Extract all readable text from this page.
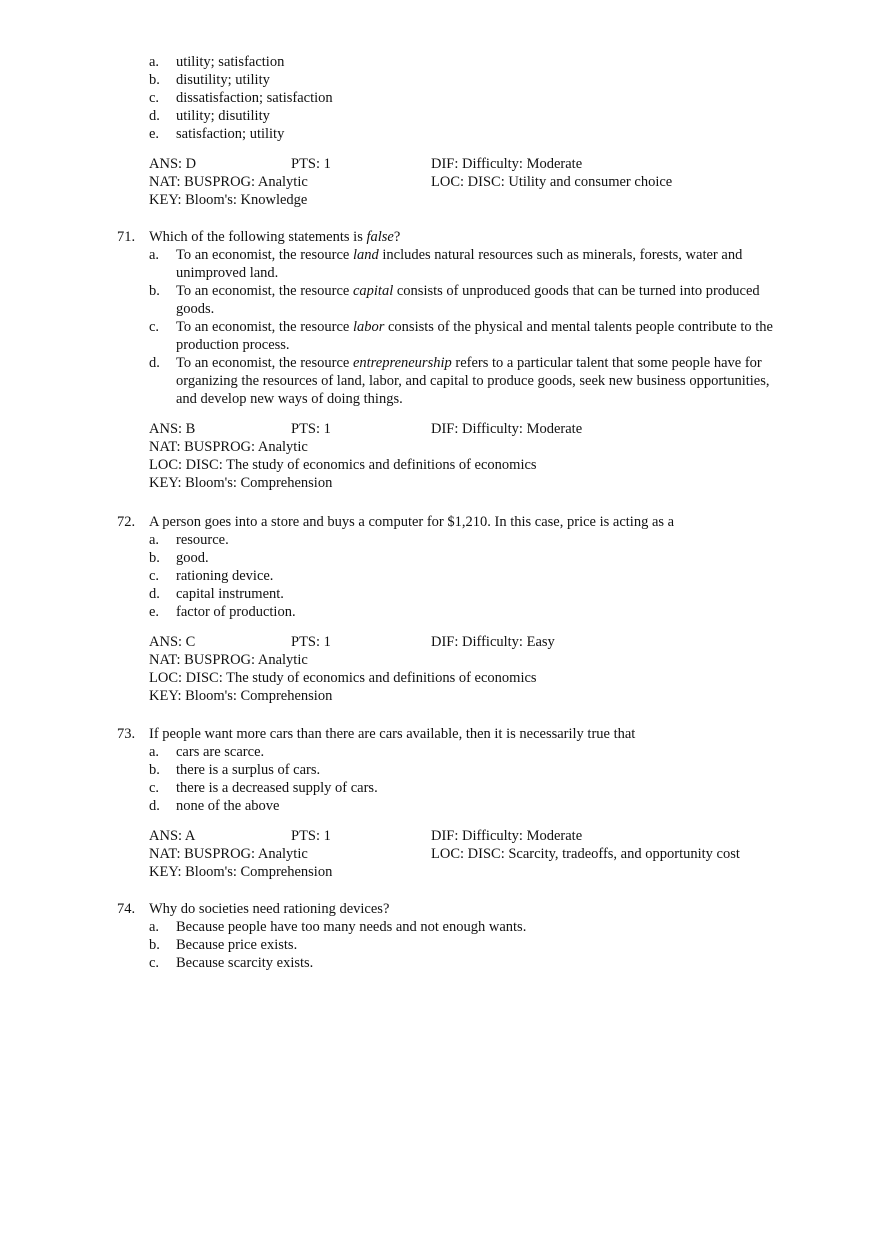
a. utility; satisfaction
b. disutility; utility
c. dissatisfaction; satisfaction
d. utility; disutility
e. satisfaction; utility
ANS: D	PTS: 1	DIF: Difficulty: Moderate
NAT: BUSPROG: Analytic	LOC: DISC: Utility and consumer choice
KEY: Bloom's: Knowledge
71. Which of the following statements is false?
a. To an economist, the resource land includes natural resources such as minerals, forests, water and unimproved land.
b. To an economist, the resource capital consists of unproduced goods that can be turned into produced goods.
c. To an economist, the resource labor consists of the physical and mental talents people contribute to the production process.
d. To an economist, the resource entrepreneurship refers to a particular talent that some people have for organizing the resources of land, labor, and capital to produce goods, seek new business opportunities, and develop new ways of doing things.
ANS: B	PTS: 1	DIF: Difficulty: Moderate
NAT: BUSPROG: Analytic
LOC: DISC: The study of economics and definitions of economics
KEY: Bloom's: Comprehension
72. A person goes into a store and buys a computer for $1,210. In this case, price is acting as a
a. resource.
b. good.
c. rationing device.
d. capital instrument.
e. factor of production.
ANS: C	PTS: 1	DIF: Difficulty: Easy
NAT: BUSPROG: Analytic
LOC: DISC: The study of economics and definitions of economics
KEY: Bloom's: Comprehension
73. If people want more cars than there are cars available, then it is necessarily true that
a. cars are scarce.
b. there is a surplus of cars.
c. there is a decreased supply of cars.
d. none of the above
ANS: A	PTS: 1	DIF: Difficulty: Moderate
NAT: BUSPROG: Analytic	LOC: DISC: Scarcity, tradeoffs, and opportunity cost
KEY: Bloom's: Comprehension
74. Why do societies need rationing devices?
a. Because people have too many needs and not enough wants.
b. Because price exists.
c. Because scarcity exists.
